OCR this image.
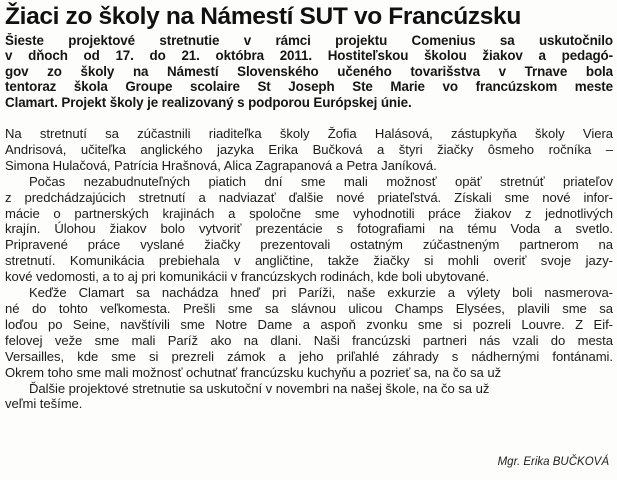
Žiaci zo školy na Námestí SUT vo Francúzsku
Šieste projektové stretnutie v rámci projektu Comenius sa uskutočnilo
v dňoch od 17. do 21. októbra 2011. Hostiteľskou školou žiakov a pedagó-
gov zo školy na Námestí Slovenského učeného tovarišstva v Trnave bola
tentoraz škola Groupe scolaire St Joseph Ste Marie vo francúzskom meste
Clamart. Projekt školy je realizovaný s podporou Európskej únie.
Na stretnutí sa zúčastnili riaditeľka školy Žofia Halásová, zástupkyňa školy Viera
Andrisová, učiteľka anglického jazyka Erika Bučková a štyri žiačky ôsmeho ročníka –
Simona Hulačová, Patrícia Hrašnová, Alica Zagrapanová a Petra Janíková.
Počas nezabudnuteľných piatich dní sme mali možnosť opäť stretnúť priateľov
z predchádzajúcich stretnutí a nadviazať ďalšie nové priateľstvá. Získali sme nové infor-
mácie o partnerských krajinách a spoločne sme vyhodnotili práce žiakov z jednotlivých
krajín. Úlohou žiakov bolo vytvoriť prezentácie s fotografiami na tému Voda a svetlo.
Pripravené práce vyslané žiačky prezentovali ostatným zúčastneným partnerom na
stretnutí. Komunikácia prebiehala v angličtine, takže žiačky si mohli overiť svoje jazy-
kové vedomosti, a to aj pri komunikácii v francúzskych rodinách, kde boli ubytované.
Keďže Clamart sa nachádza hneď pri Paríži, naše exkurzie a výlety boli nasmerova-
né do tohto veľkomesta. Prešli sme sa slávnou ulicou Champs Elysées, plavili sme sa
loďou po Seine, navštívili sme Notre Dame a aspoň zvonku sme si pozreli Louvre. Z Eif-
felovej veže sme mali Paríž ako na dlani. Naši francúzski partneri nás vzali do mesta
Versailles, kde sme si prezreli zámok a jeho priľahlé záhrady s nádhernými fontánami.
Okrem toho sme mali možnosť ochutnať francúzsku kuchyňu a pozrieť sa, na čo sa už
Ďalšie projektové stretnutie sa uskutoční v novembri na našej škole, na čo sa už
veľmi tešíme.
Mgr. Erika BUČKOVÁ
